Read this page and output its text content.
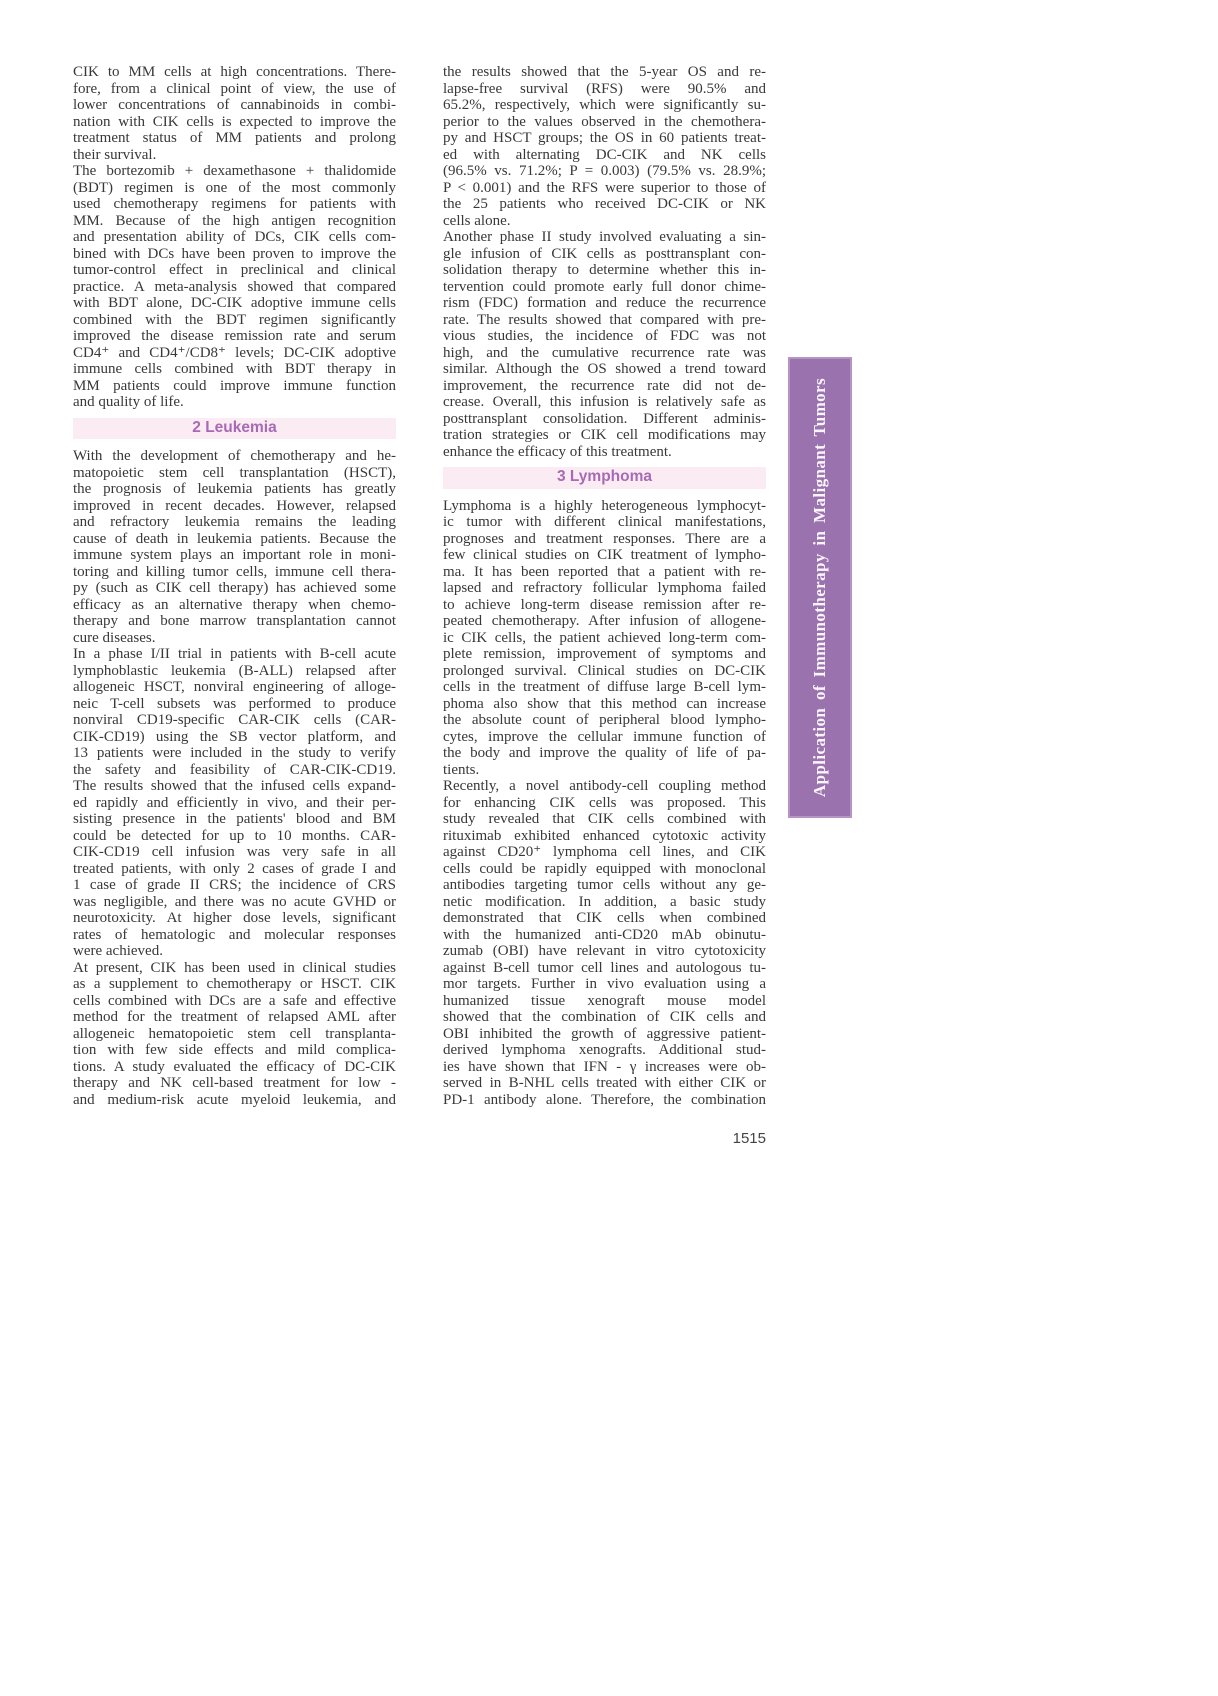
CIK to MM cells at high concentrations. There-
fore, from a clinical point of view, the use of
lower concentrations of cannabinoids in combi-
nation with CIK cells is expected to improve the
treatment status of MM patients and prolong
their survival.
The bortezomib + dexamethasone + thalidomide
(BDT) regimen is one of the most commonly
used chemotherapy regimens for patients with
MM. Because of the high antigen recognition
and presentation ability of DCs, CIK cells com-
bined with DCs have been proven to improve the
tumor-control effect in preclinical and clinical
practice. A meta-analysis showed that compared
with BDT alone, DC-CIK adoptive immune cells
combined with the BDT regimen significantly
improved the disease remission rate and serum
CD4⁺ and CD4⁺/CD8⁺ levels; DC-CIK adoptive
immune cells combined with BDT therapy in
MM patients could improve immune function
and quality of life.
2 Leukemia
With the development of chemotherapy and he-
matopoietic stem cell transplantation (HSCT),
the prognosis of leukemia patients has greatly
improved in recent decades. However, relapsed
and refractory leukemia remains the leading
cause of death in leukemia patients. Because the
immune system plays an important role in moni-
toring and killing tumor cells, immune cell thera-
py (such as CIK cell therapy) has achieved some
efficacy as an alternative therapy when chemo-
therapy and bone marrow transplantation cannot
cure diseases.
In a phase I/II trial in patients with B-cell acute
lymphoblastic leukemia (B-ALL) relapsed after
allogeneic HSCT, nonviral engineering of alloge-
neic T-cell subsets was performed to produce
nonviral CD19-specific CAR-CIK cells (CAR-
CIK-CD19) using the SB vector platform, and
13 patients were included in the study to verify
the safety and feasibility of CAR-CIK-CD19.
The results showed that the infused cells expand-
ed rapidly and efficiently in vivo, and their per-
sisting presence in the patients' blood and BM
could be detected for up to 10 months. CAR-
CIK-CD19 cell infusion was very safe in all
treated patients, with only 2 cases of grade I and
1 case of grade II CRS; the incidence of CRS
was negligible, and there was no acute GVHD or
neurotoxicity. At higher dose levels, significant
rates of hematologic and molecular responses
were achieved.
At present, CIK has been used in clinical studies
as a supplement to chemotherapy or HSCT. CIK
cells combined with DCs are a safe and effective
method for the treatment of relapsed AML after
allogeneic hematopoietic stem cell transplanta-
tion with few side effects and mild complica-
tions. A study evaluated the efficacy of DC-CIK
therapy and NK cell-based treatment for low -
and medium-risk acute myeloid leukemia, and
the results showed that the 5-year OS and re-
lapse-free survival (RFS) were 90.5% and
65.2%, respectively, which were significantly su-
perior to the values observed in the chemothera-
py and HSCT groups; the OS in 60 patients treat-
ed with alternating DC-CIK and NK cells
(96.5% vs. 71.2%; P = 0.003) (79.5% vs. 28.9%;
P < 0.001) and the RFS were superior to those of
the 25 patients who received DC-CIK or NK
cells alone.
Another phase II study involved evaluating a sin-
gle infusion of CIK cells as posttransplant con-
solidation therapy to determine whether this in-
tervention could promote early full donor chime-
rism (FDC) formation and reduce the recurrence
rate. The results showed that compared with pre-
vious studies, the incidence of FDC was not
high, and the cumulative recurrence rate was
similar. Although the OS showed a trend toward
improvement, the recurrence rate did not de-
crease. Overall, this infusion is relatively safe as
posttransplant consolidation. Different adminis-
tration strategies or CIK cell modifications may
enhance the efficacy of this treatment.
3 Lymphoma
Lymphoma is a highly heterogeneous lymphocyt-
ic tumor with different clinical manifestations,
prognoses and treatment responses. There are a
few clinical studies on CIK treatment of lympho-
ma. It has been reported that a patient with re-
lapsed and refractory follicular lymphoma failed
to achieve long-term disease remission after re-
peated chemotherapy. After infusion of allogene-
ic CIK cells, the patient achieved long-term com-
plete remission, improvement of symptoms and
prolonged survival. Clinical studies on DC-CIK
cells in the treatment of diffuse large B-cell lym-
phoma also show that this method can increase
the absolute count of peripheral blood lympho-
cytes, improve the cellular immune function of
the body and improve the quality of life of pa-
tients.
Recently, a novel antibody-cell coupling method
for enhancing CIK cells was proposed. This
study revealed that CIK cells combined with
rituximab exhibited enhanced cytotoxic activity
against CD20⁺ lymphoma cell lines, and CIK
cells could be rapidly equipped with monoclonal
antibodies targeting tumor cells without any ge-
netic modification. In addition, a basic study
demonstrated that CIK cells when combined
with the humanized anti-CD20 mAb obinutu-
zumab (OBI) have relevant in vitro cytotoxicity
against B-cell tumor cell lines and autologous tu-
mor targets. Further in vivo evaluation using a
humanized tissue xenograft mouse model
showed that the combination of CIK cells and
OBI inhibited the growth of aggressive patient-
derived lymphoma xenografts. Additional stud-
ies have shown that IFN - γ increases were ob-
served in B-NHL cells treated with either CIK or
PD-1 antibody alone. Therefore, the combination
Application of Immunotherapy in Malignant Tumors
1515
